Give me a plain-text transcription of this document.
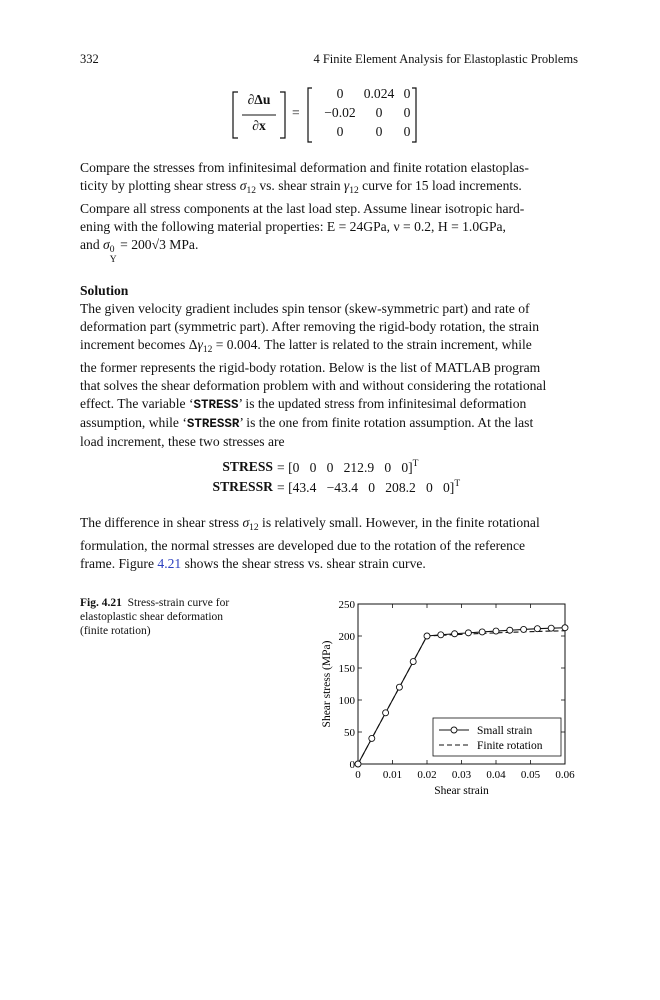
332	4 Finite Element Analysis for Elastoplastic Problems
∂Δu
∂x
=
0	0.024 0
−0.02	0	0
0	0	0
Compare the stresses from infinitesimal deformation and finite rotation elastoplas-
ticity by plotting shear stress $\sigma_{12}$ vs. shear strain $\gamma_{12}$ curve for 15 load increments.
Compare all stress components at the last load step. Assume linear isotropic hard-
ening with the following material properties: E = 24GPa, ν = 0.2, H = 1.0GPa,
and σ 0
Y
= 200√3 MPa.
Solution
The given velocity gradient includes spin tensor (skew-symmetric part) and rate of
deformation part (symmetric part). After removing the rigid-body rotation, the strain
increment becomes $\Delta\gamma_{12} = 0.004$. The latter is related to the strain increment, while
the former represents the rigid-body rotation. Below is the list of MATLAB program
that solves the shear deformation problem with and without considering the rotational
effect. The variable ‘STRESS’ is the updated stress from infinitesimal deformation
assumption, while ‘STRESSR’ is the one from finite rotation assumption. At the last
load increment, these two stresses are
STRESS = [0   0   0   212.9   0   0]$^T$
STRESSR = [43.4   −43.4   0   208.2   0   0]$^T$
The difference in shear stress $\sigma_{12}$ is relatively small. However, in the finite rotational
formulation, the normal stresses are developed due to the rotation of the reference
frame. Figure 4.21 shows the shear stress vs. shear strain curve.
Fig. 4.21 Stress-strain curve for elastoplastic shear deformation (finite rotation)
0 0.01 0.02 0.03 0.04 0.05 0.06
0
50
100
150
200
250
Shear strain
Shear stress (MPa)
Small strain
Finite rotation
